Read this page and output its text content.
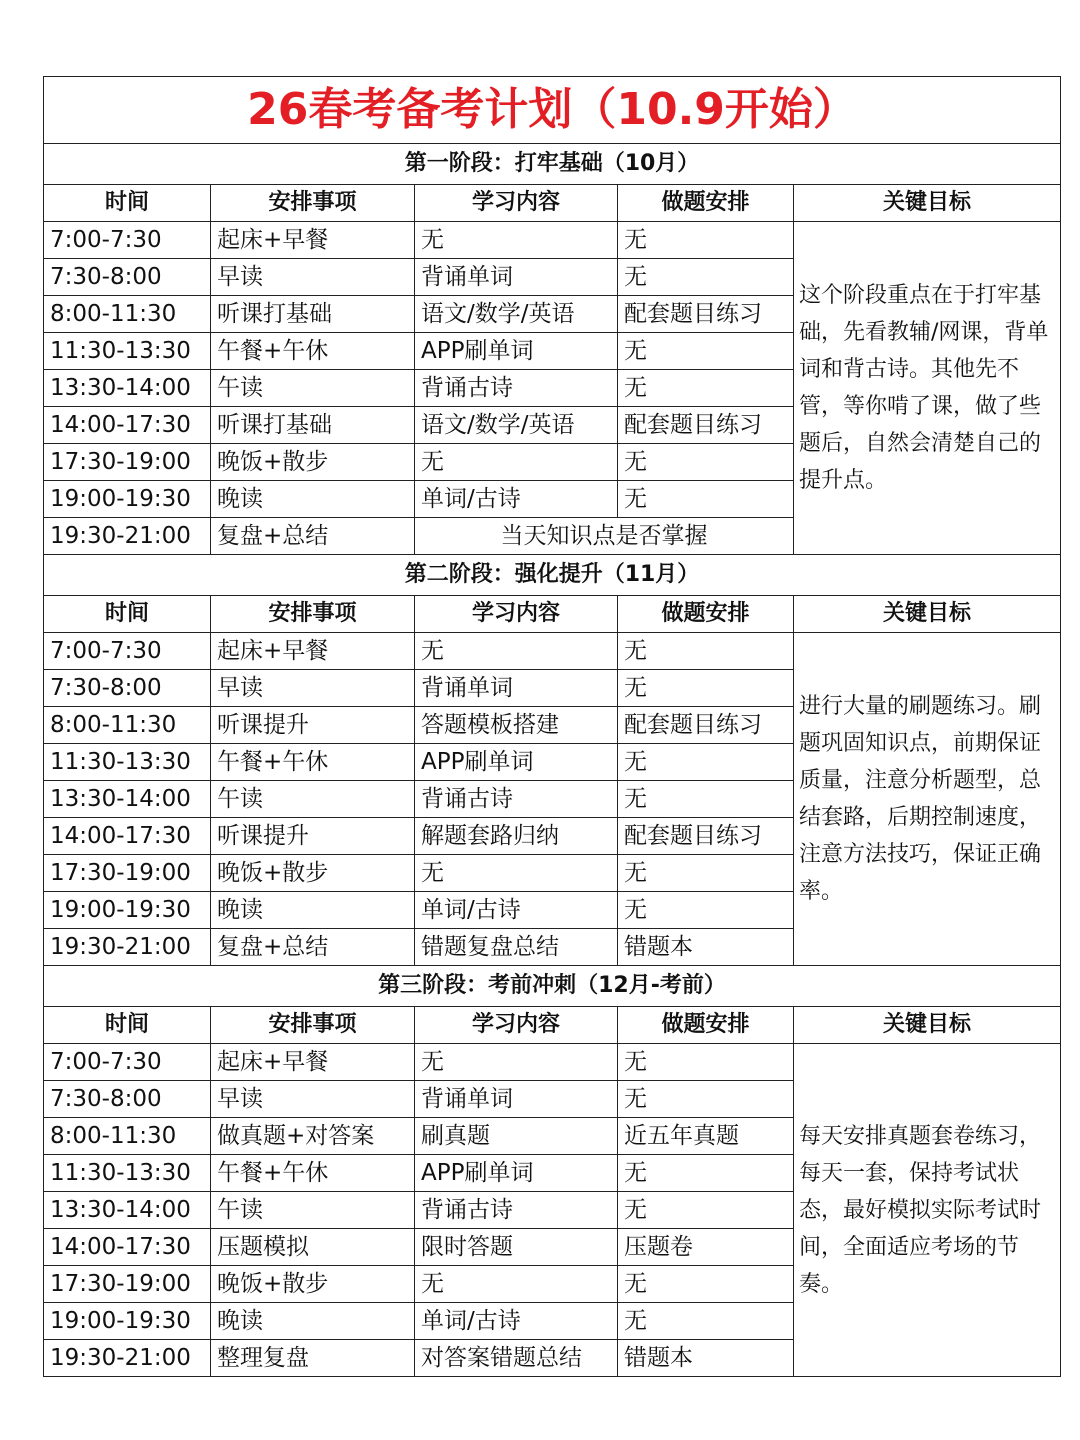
26春考备考计划（10.9开始）				
第一阶段：打牢基础（10月）				
时间	安排事项	学习内容	做题安排	关键目标
7:00-7:30	起床+早餐	无	无	这个阶段重点在于打牢基础，先看教辅/网课，背单词和背古诗。其他先不管，等你啃了课，做了些题后，自然会清楚自己的提升点。
7:30-8:00	早读	背诵单词	无	
8:00-11:30	听课打基础	语文/数学/英语	配套题目练习	
11:30-13:30	午餐+午休	APP刷单词	无	
13:30-14:00	午读	背诵古诗	无	
14:00-17:30	听课打基础	语文/数学/英语	配套题目练习	
17:30-19:00	晚饭+散步	无	无	
19:00-19:30	晚读	单词/古诗	无	
19:30-21:00	复盘+总结	当天知识点是否掌握		
第二阶段：强化提升（11月）				
时间	安排事项	学习内容	做题安排	关键目标
7:00-7:30	起床+早餐	无	无	进行大量的刷题练习。刷题巩固知识点，前期保证质量，注意分析题型，总结套路，后期控制速度，注意方法技巧，保证正确率。
7:30-8:00	早读	背诵单词	无	
8:00-11:30	听课提升	答题模板搭建	配套题目练习	
11:30-13:30	午餐+午休	APP刷单词	无	
13:30-14:00	午读	背诵古诗	无	
14:00-17:30	听课提升	解题套路归纳	配套题目练习	
17:30-19:00	晚饭+散步	无	无	
19:00-19:30	晚读	单词/古诗	无	
19:30-21:00	复盘+总结	错题复盘总结	错题本	
第三阶段：考前冲刺（12月-考前）				
时间	安排事项	学习内容	做题安排	关键目标
7:00-7:30	起床+早餐	无	无	每天安排真题套卷练习，每天一套，保持考试状态，最好模拟实际考试时间，全面适应考场的节奏。
7:30-8:00	早读	背诵单词	无	
8:00-11:30	做真题+对答案	刷真题	近五年真题	
11:30-13:30	午餐+午休	APP刷单词	无	
13:30-14:00	午读	背诵古诗	无	
14:00-17:30	压题模拟	限时答题	压题卷	
17:30-19:00	晚饭+散步	无	无	
19:00-19:30	晚读	单词/古诗	无	
19:30-21:00	整理复盘	对答案错题总结	错题本	
